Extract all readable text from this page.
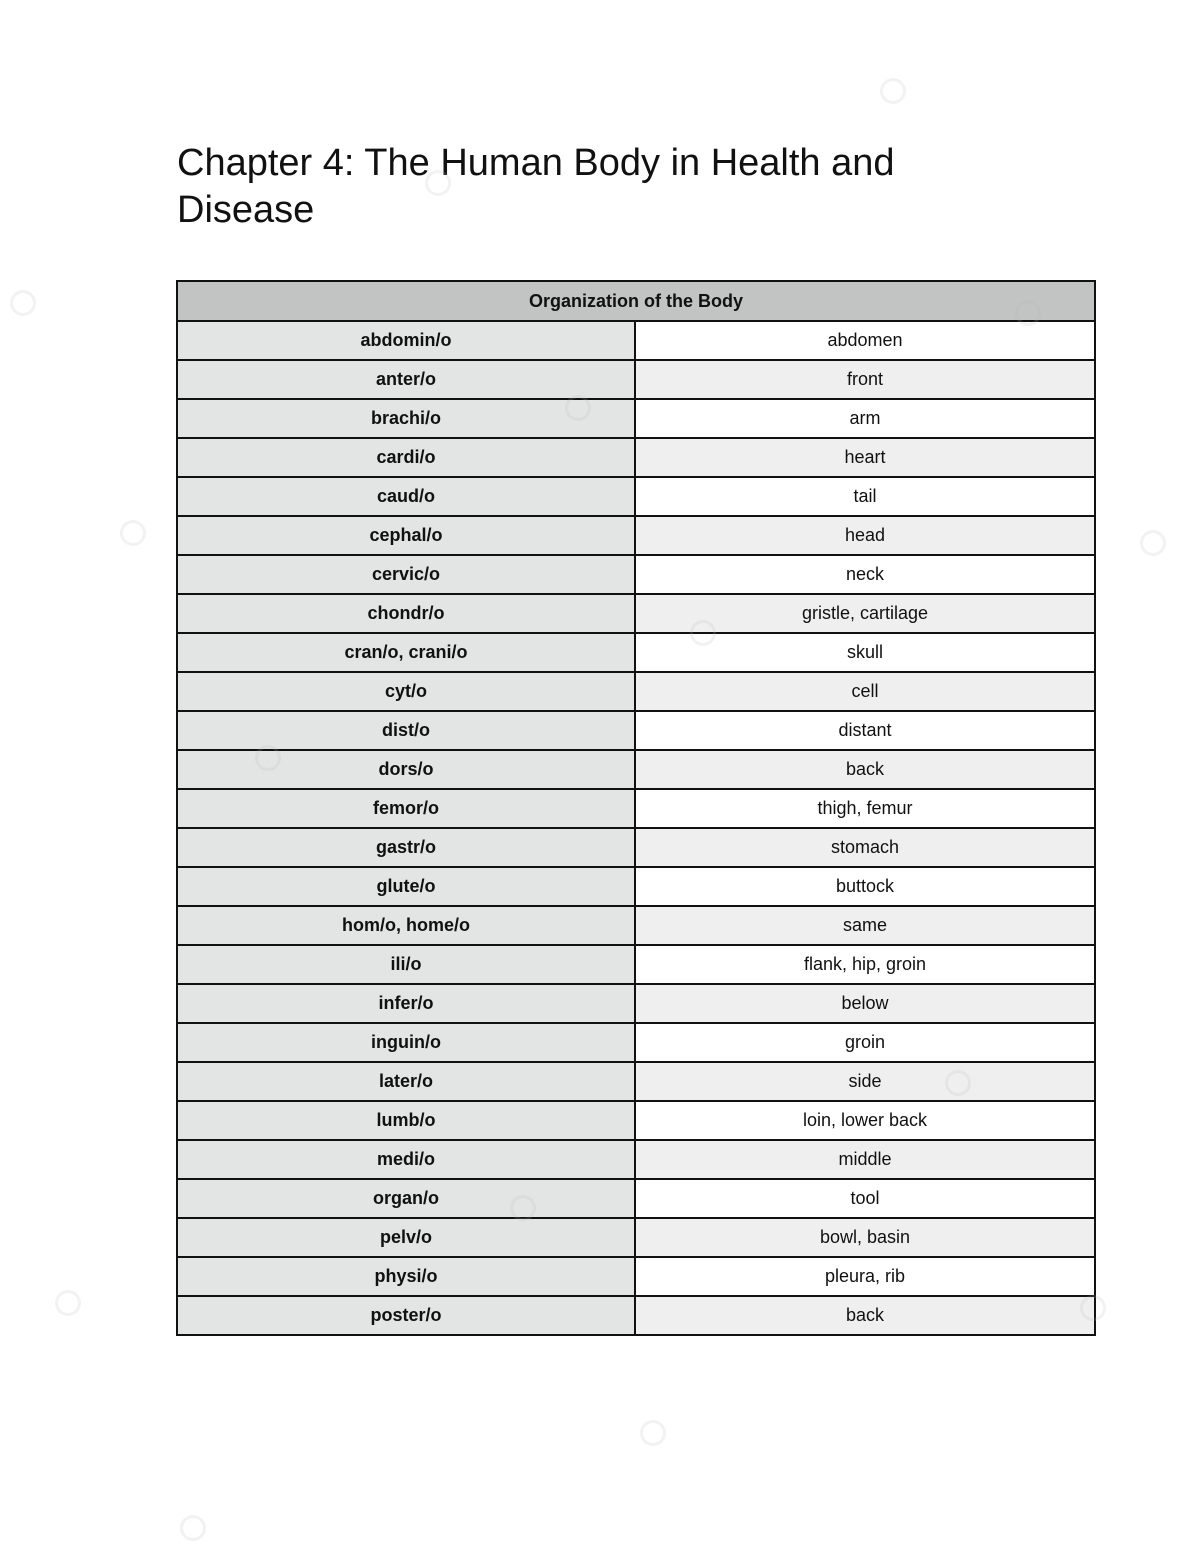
Chapter 4: The Human Body in Health and Disease
Organization of the Body	
abdomin/o	abdomen
anter/o	front
brachi/o	arm
cardi/o	heart
caud/o	tail
cephal/o	head
cervic/o	neck
chondr/o	gristle, cartilage
cran/o, crani/o	skull
cyt/o	cell
dist/o	distant
dors/o	back
femor/o	thigh, femur
gastr/o	stomach
glute/o	buttock
hom/o, home/o	same
ili/o	flank, hip, groin
infer/o	below
inguin/o	groin
later/o	side
lumb/o	loin, lower back
medi/o	middle
organ/o	tool
pelv/o	bowl, basin
physi/o	pleura, rib
poster/o	back
